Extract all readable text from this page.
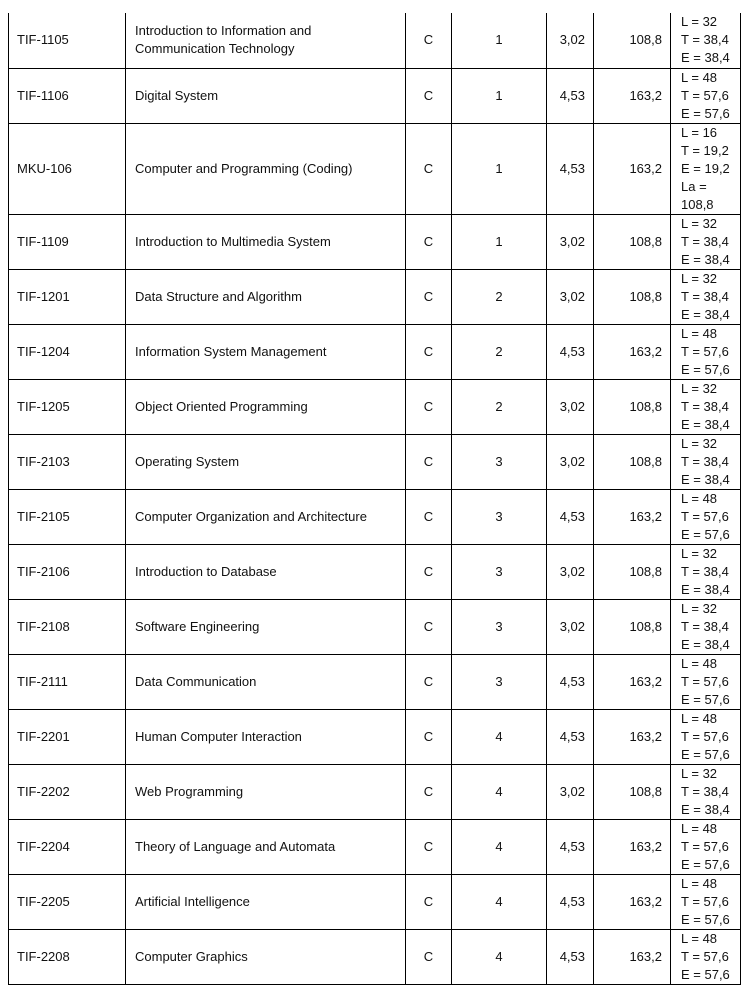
TIF-1105	Introduction to Information and Communication Technology	C	1	3,02	108,8	L = 32
T = 38,4
E = 38,4

TIF-1106	Digital System	C	1	4,53	163,2	L = 48
T = 57,6
E = 57,6

MKU-106	Computer and Programming (Coding)	C	1	4,53	163,2	L = 16
T = 19,2
E = 19,2
La =
108,8

TIF-1109	Introduction to Multimedia System	C	1	3,02	108,8	L = 32
T = 38,4
E = 38,4

TIF-1201	Data Structure and Algorithm	C	2	3,02	108,8	L = 32
T = 38,4
E = 38,4

TIF-1204	Information System Management	C	2	4,53	163,2	L = 48
T = 57,6
E = 57,6

TIF-1205	Object Oriented Programming	C	2	3,02	108,8	L = 32
T = 38,4
E = 38,4

TIF-2103	Operating System	C	3	3,02	108,8	L = 32
T = 38,4
E = 38,4

TIF-2105	Computer Organization and Architecture	C	3	4,53	163,2	L = 48
T = 57,6
E = 57,6

TIF-2106	Introduction to Database	C	3	3,02	108,8	L = 32
T = 38,4
E = 38,4

TIF-2108	Software Engineering	C	3	3,02	108,8	L = 32
T = 38,4
E = 38,4

TIF-2111	Data Communication	C	3	4,53	163,2	L = 48
T = 57,6
E = 57,6

TIF-2201	Human Computer Interaction	C	4	4,53	163,2	L = 48
T = 57,6
E = 57,6

TIF-2202	Web Programming	C	4	3,02	108,8	L = 32
T = 38,4
E = 38,4

TIF-2204	Theory of Language and Automata	C	4	4,53	163,2	L = 48
T = 57,6
E = 57,6

TIF-2205	Artificial Intelligence	C	4	4,53	163,2	L = 48
T = 57,6
E = 57,6

TIF-2208	Computer Graphics	C	4	4,53	163,2	L = 48
T = 57,6
E = 57,6
